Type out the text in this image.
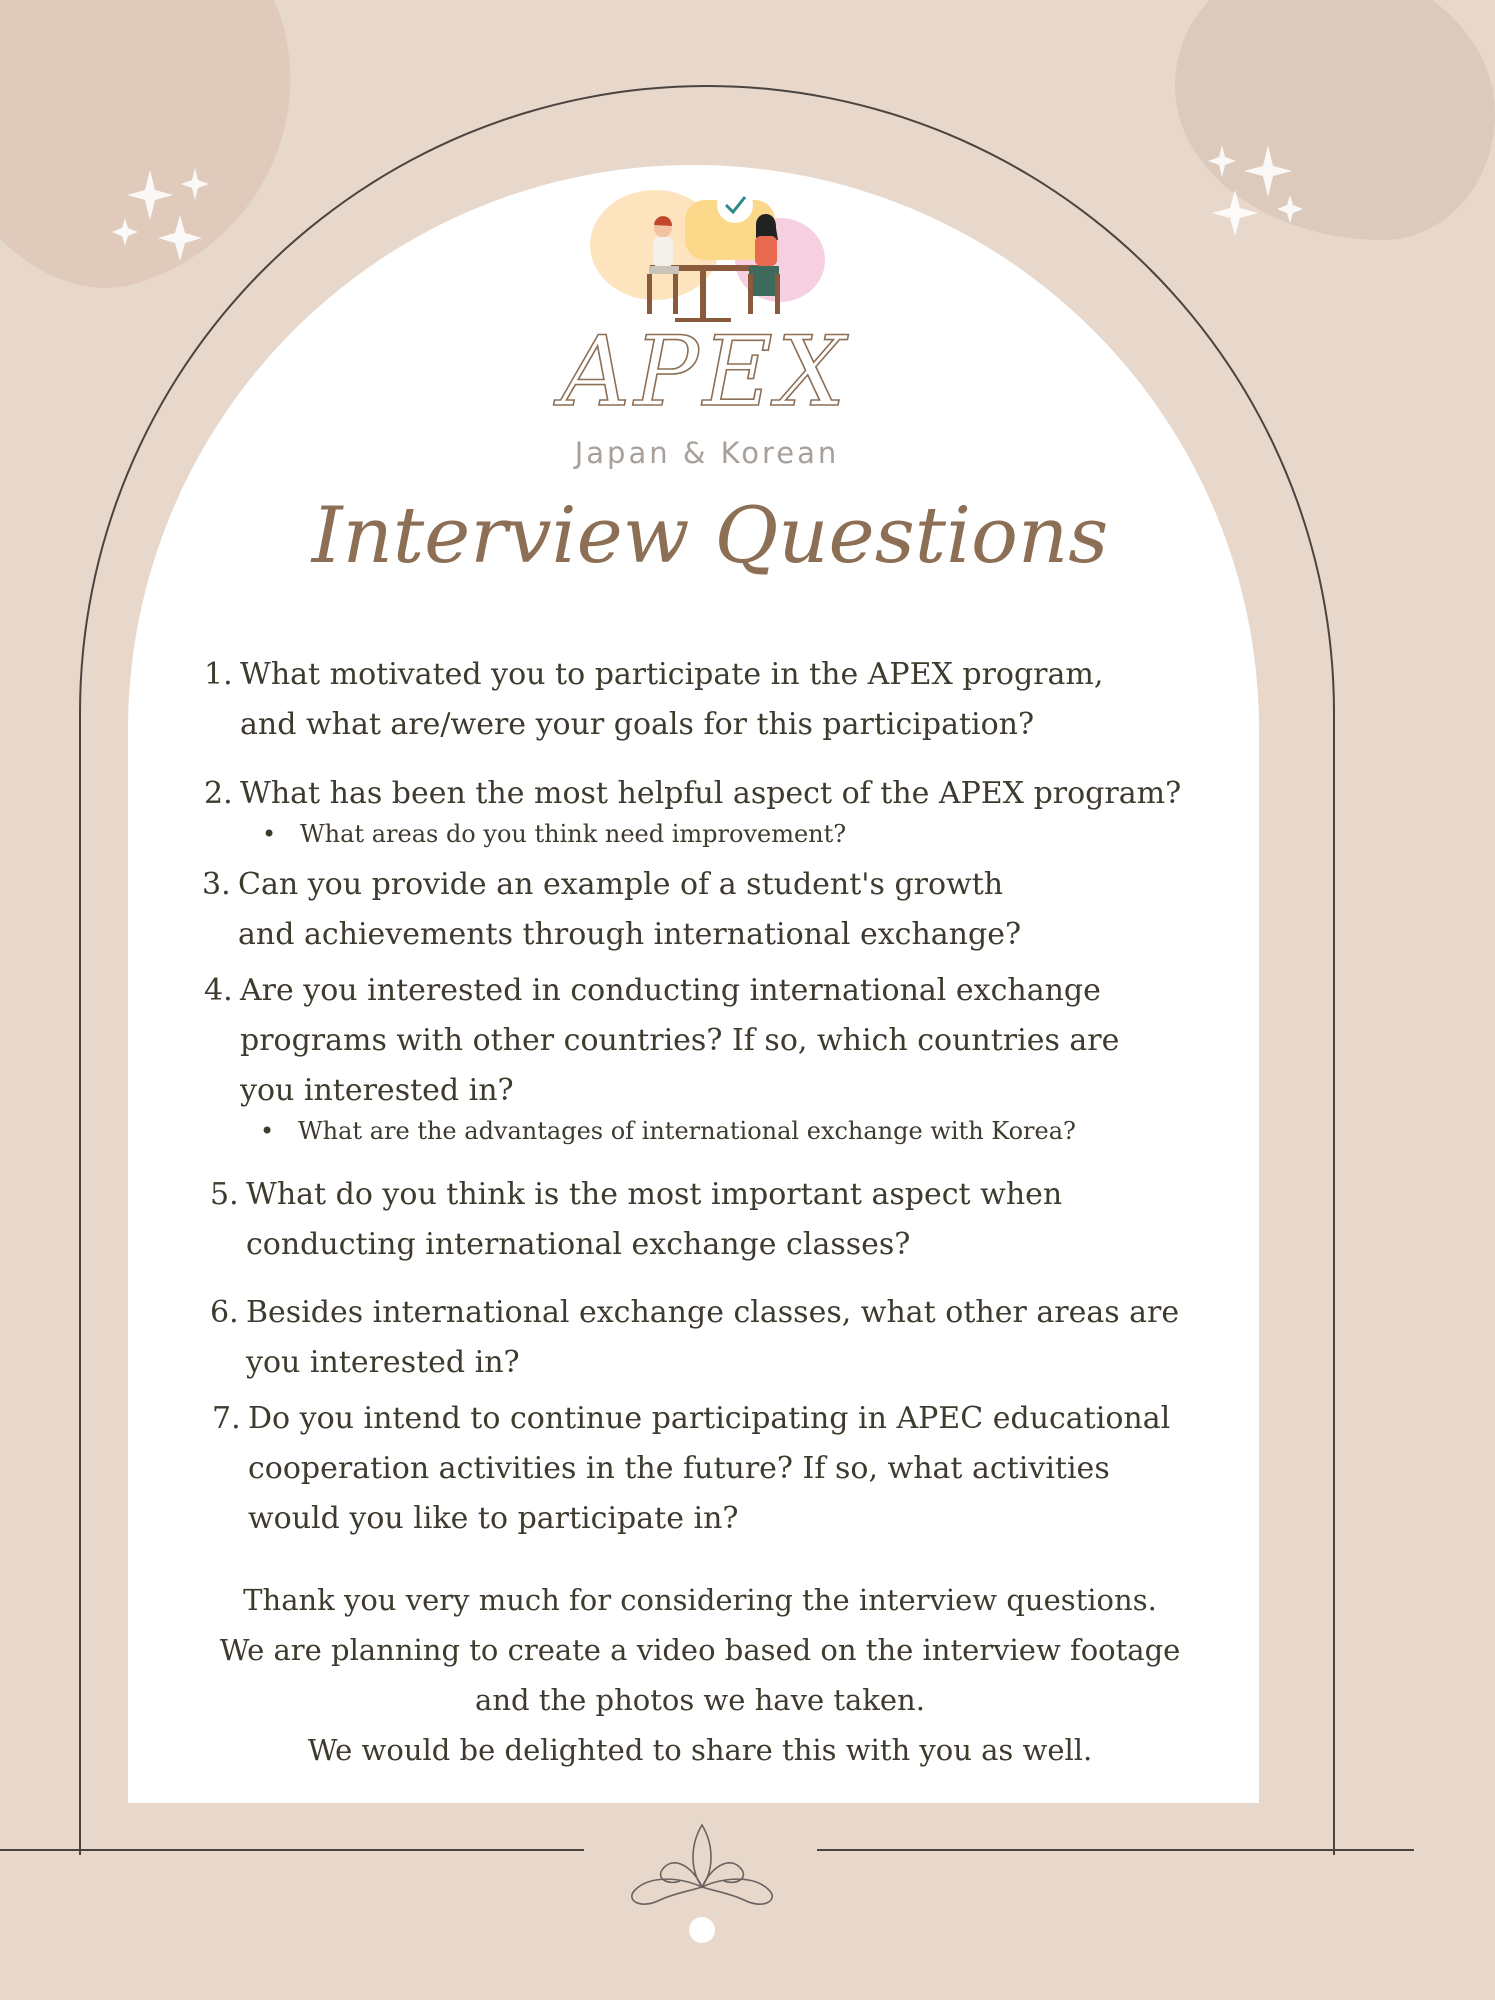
APEX
Japan & Korean
Interview Questions
1. What motivated you to participate in the APEX program, and what are/were your goals for this participation?
2. What has been the most helpful aspect of the APEX program?
• What areas do you think need improvement?
3. Can you provide an example of a student's growth and achievements through international exchange?
4. Are you interested in conducting international exchange programs with other countries? If so, which countries are you interested in?
• What are the advantages of international exchange with Korea?
5. What do you think is the most important aspect when conducting international exchange classes?
6. Besides international exchange classes, what other areas are you interested in?
7. Do you intend to continue participating in APEC educational cooperation activities in the future? If so, what activities would you like to participate in?
Thank you very much for considering the interview questions.
We are planning to create a video based on the interview footage
and the photos we have taken.
We would be delighted to share this with you as well.
